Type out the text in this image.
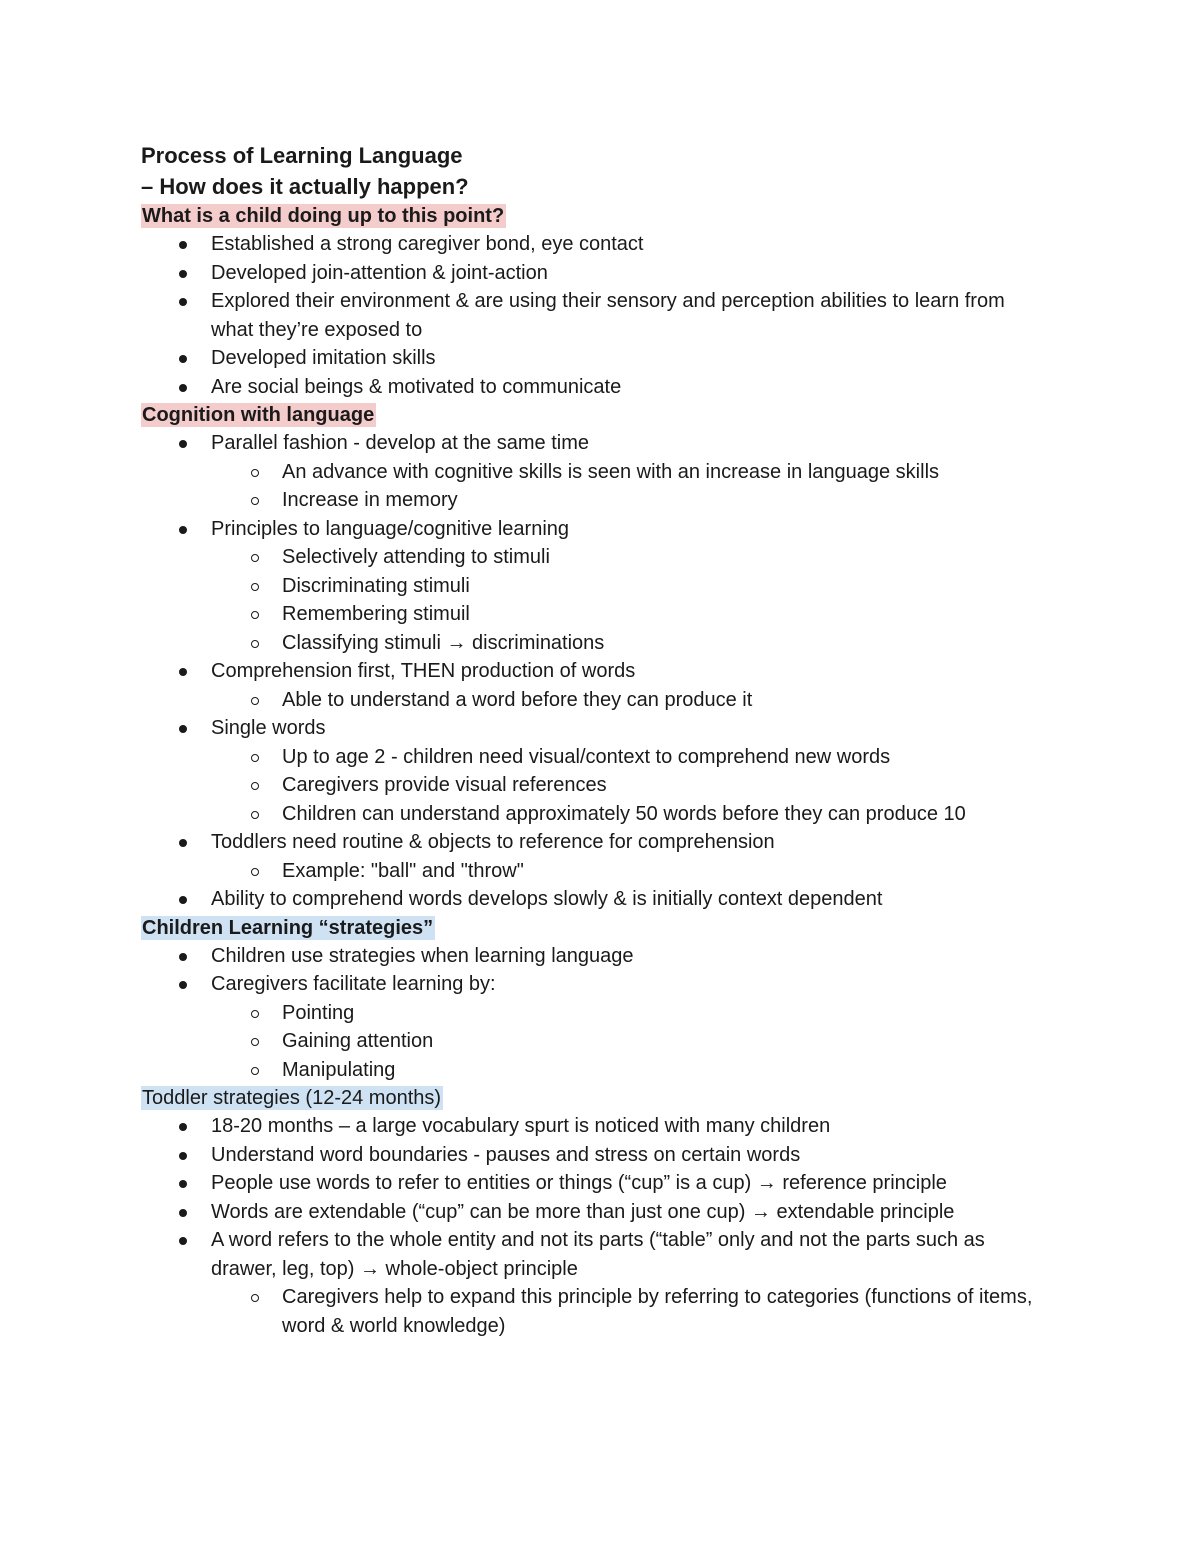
Process of Learning Language

– How does it actually happen?

What is a child doing up to this point?
Established a strong caregiver bond, eye contact
Developed join-attention & joint-action
Explored their environment & are using their sensory and perception abilities to learn from what they’re exposed to
Developed imitation skills
Are social beings & motivated to communicate
Cognition with language
Parallel fashion - develop at the same time
An advance with cognitive skills is seen with an increase in language skills
Increase in memory
Principles to language/cognitive learning
Selectively attending to stimuli
Discriminating stimuli
Remembering stimuil
Classifying stimuli → discriminations
Comprehension first, THEN production of words
Able to understand a word before they can produce it
Single words
Up to age 2 - children need visual/context to comprehend new words
Caregivers provide visual references
Children can understand approximately 50 words before they can produce 10
Toddlers need routine & objects to reference for comprehension
Example: "ball" and "throw"
Ability to comprehend words develops slowly & is initially context dependent
Children Learning “strategies”
Children use strategies when learning language
Caregivers facilitate learning by:
Pointing
Gaining attention
Manipulating
Toddler strategies (12-24 months)
18-20 months – a large vocabulary spurt is noticed with many children
Understand word boundaries - pauses and stress on certain words
People use words to refer to entities or things (“cup” is a cup) → reference principle
Words are extendable (“cup” can be more than just one cup) → extendable principle
A word refers to the whole entity and not its parts (“table” only and not the parts such as drawer, leg, top) → whole-object principle
Caregivers help to expand this principle by referring to categories (functions of items, word & world knowledge)
